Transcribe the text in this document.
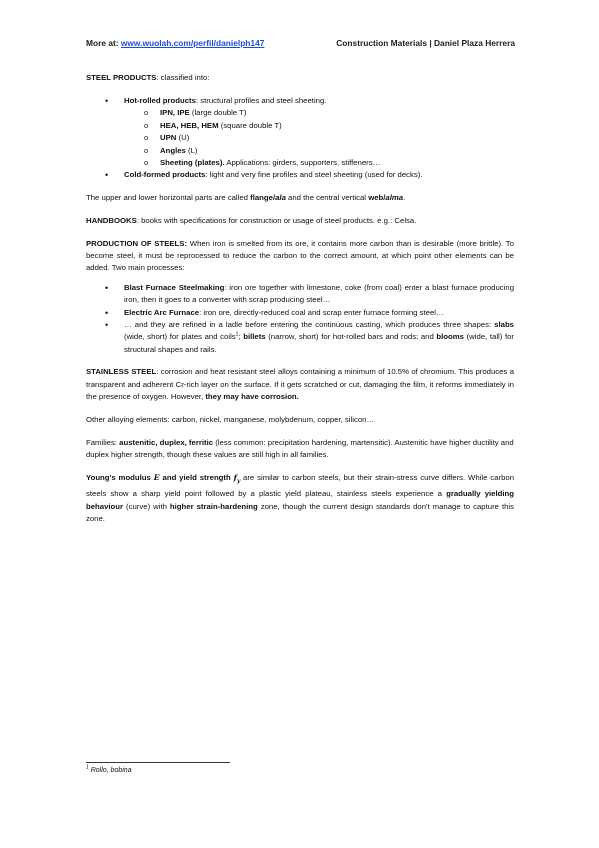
More at: www.wuolah.com/perfil/danielph147	Construction Materials | Daniel Plaza Herrera

STEEL PRODUCTS: classified into:

• Hot-rolled products: structural profiles and steel sheeting.
o IPN, IPE (large double T)
o HEA, HEB, HEM (square double T)
o UPN (U)
o Angles (L)
o Sheeting (plates). Applications: girders, supporters, stiffeners…
• Cold-formed products: light and very fine profiles and steel sheeting (used for decks).

The upper and lower horizontal parts are called flange/ala and the central vertical web/alma.

HANDBOOKS: books with specifications for construction or usage of steel products. e.g.: Celsa.

PRODUCTION OF STEELS: When iron is smelted from its ore, it contains more carbon than is desirable (more brittle). To become steel, it must be reprocessed to reduce the carbon to the correct amount, at which point other elements can be added. Two main processes:

• Blast Furnace Steelmaking: iron ore together with limestone, coke (from coal) enter a blast furnace producing iron, then it goes to a converter with scrap producing steel…
• Electric Arc Furnace: iron ore, directly-reduced coal and scrap enter furnace forming steel…
• … and they are refined in a ladle before entering the continuous casting, which produces three shapes: slabs (wide, short) for plates and coils$^1$; billets (narrow, short) for hot-rolled bars and rods; and blooms (wide, tall) for structural shapes and rails.

STAINLESS STEEL: corrosion and heat resistant steel alloys containing a minimum of 10.5% of chromium. This produces a transparent and adherent Cr-rich layer on the surface. If it gets scratched or cut, damaging the film, it reforms immediately in the presence of oxygen. However, they may have corrosion.

Other alloying elements: carbon, nickel, manganese, molybdenum, copper, silicon…

Families: austenitic, duplex, ferritic (less common: precipitation hardening, martensitic). Austenitic have higher ductility and duplex higher strength, though these values are still high in all families.

Young's modulus E and yield strength $f_y$ are similar to carbon steels, but their strain-stress curve differs. While carbon steels show a sharp yield point followed by a plastic yield plateau, stainless steels experience a gradually yielding behaviour (curve) with higher strain-hardening zone, though the current design standards don't manage to capture this zone.

$^1$ Rollo, bobina
